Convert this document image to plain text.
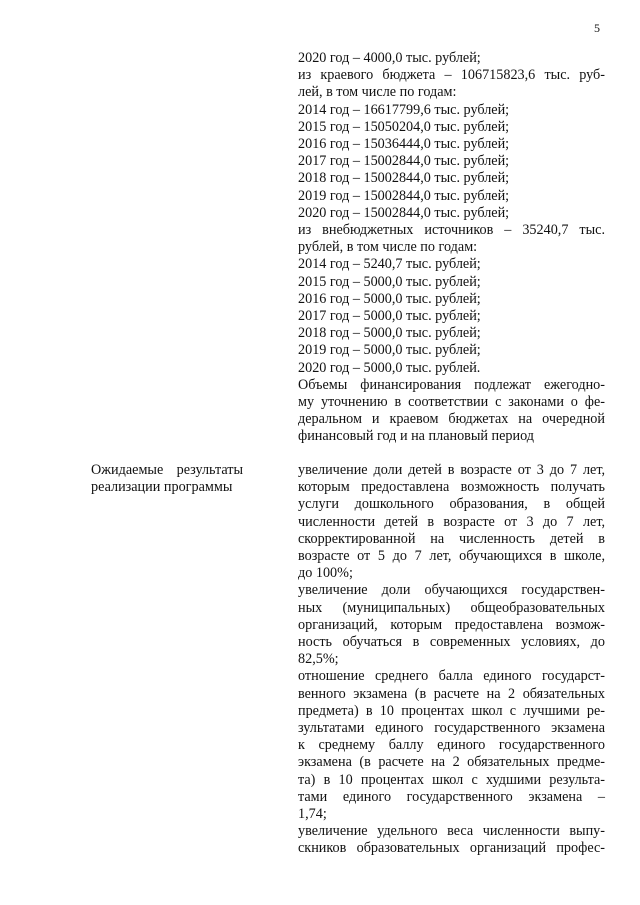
5
2020 год – 4000,0 тыс. рублей;
из краевого бюджета – 106715823,6 тыс. руб-
лей, в том числе по годам:
2014 год – 16617799,6 тыс. рублей;
2015 год – 15050204,0 тыс. рублей;
2016 год – 15036444,0 тыс. рублей;
2017 год – 15002844,0 тыс. рублей;
2018 год – 15002844,0 тыс. рублей;
2019 год – 15002844,0 тыс. рублей;
2020 год – 15002844,0 тыс. рублей;
из внебюджетных источников – 35240,7 тыс.
рублей, в том числе по годам:
2014 год – 5240,7 тыс. рублей;
2015 год – 5000,0 тыс. рублей;
2016 год – 5000,0 тыс. рублей;
2017 год – 5000,0 тыс. рублей;
2018 год – 5000,0 тыс. рублей;
2019 год – 5000,0 тыс. рублей;
2020 год – 5000,0 тыс. рублей.
Объемы финансирования подлежат ежегодно-
му уточнению в соответствии с законами о фе-
деральном и краевом бюджетах на очередной
финансовый год и на плановый период
Ожидаемые результаты
реализации программы
увеличение доли детей в возрасте от 3 до 7 лет,
которым предоставлена возможность получать
услуги дошкольного образования, в общей
численности детей в возрасте от 3 до 7 лет,
скорректированной на численность детей в
возрасте от 5 до 7 лет, обучающихся в школе,
до 100%;
увеличение доли обучающихся государствен-
ных (муниципальных) общеобразовательных
организаций, которым предоставлена возмож-
ность обучаться в современных условиях, до
82,5%;
отношение среднего балла единого государст-
венного экзамена (в расчете на 2 обязательных
предмета) в 10 процентах школ с лучшими ре-
зультатами единого государственного экзамена
к среднему баллу единого государственного
экзамена (в расчете на 2 обязательных предме-
та) в 10 процентах школ с худшими результа-
тами единого государственного экзамена –
1,74;
увеличение удельного веса численности выпу-
скников образовательных организаций профес-
